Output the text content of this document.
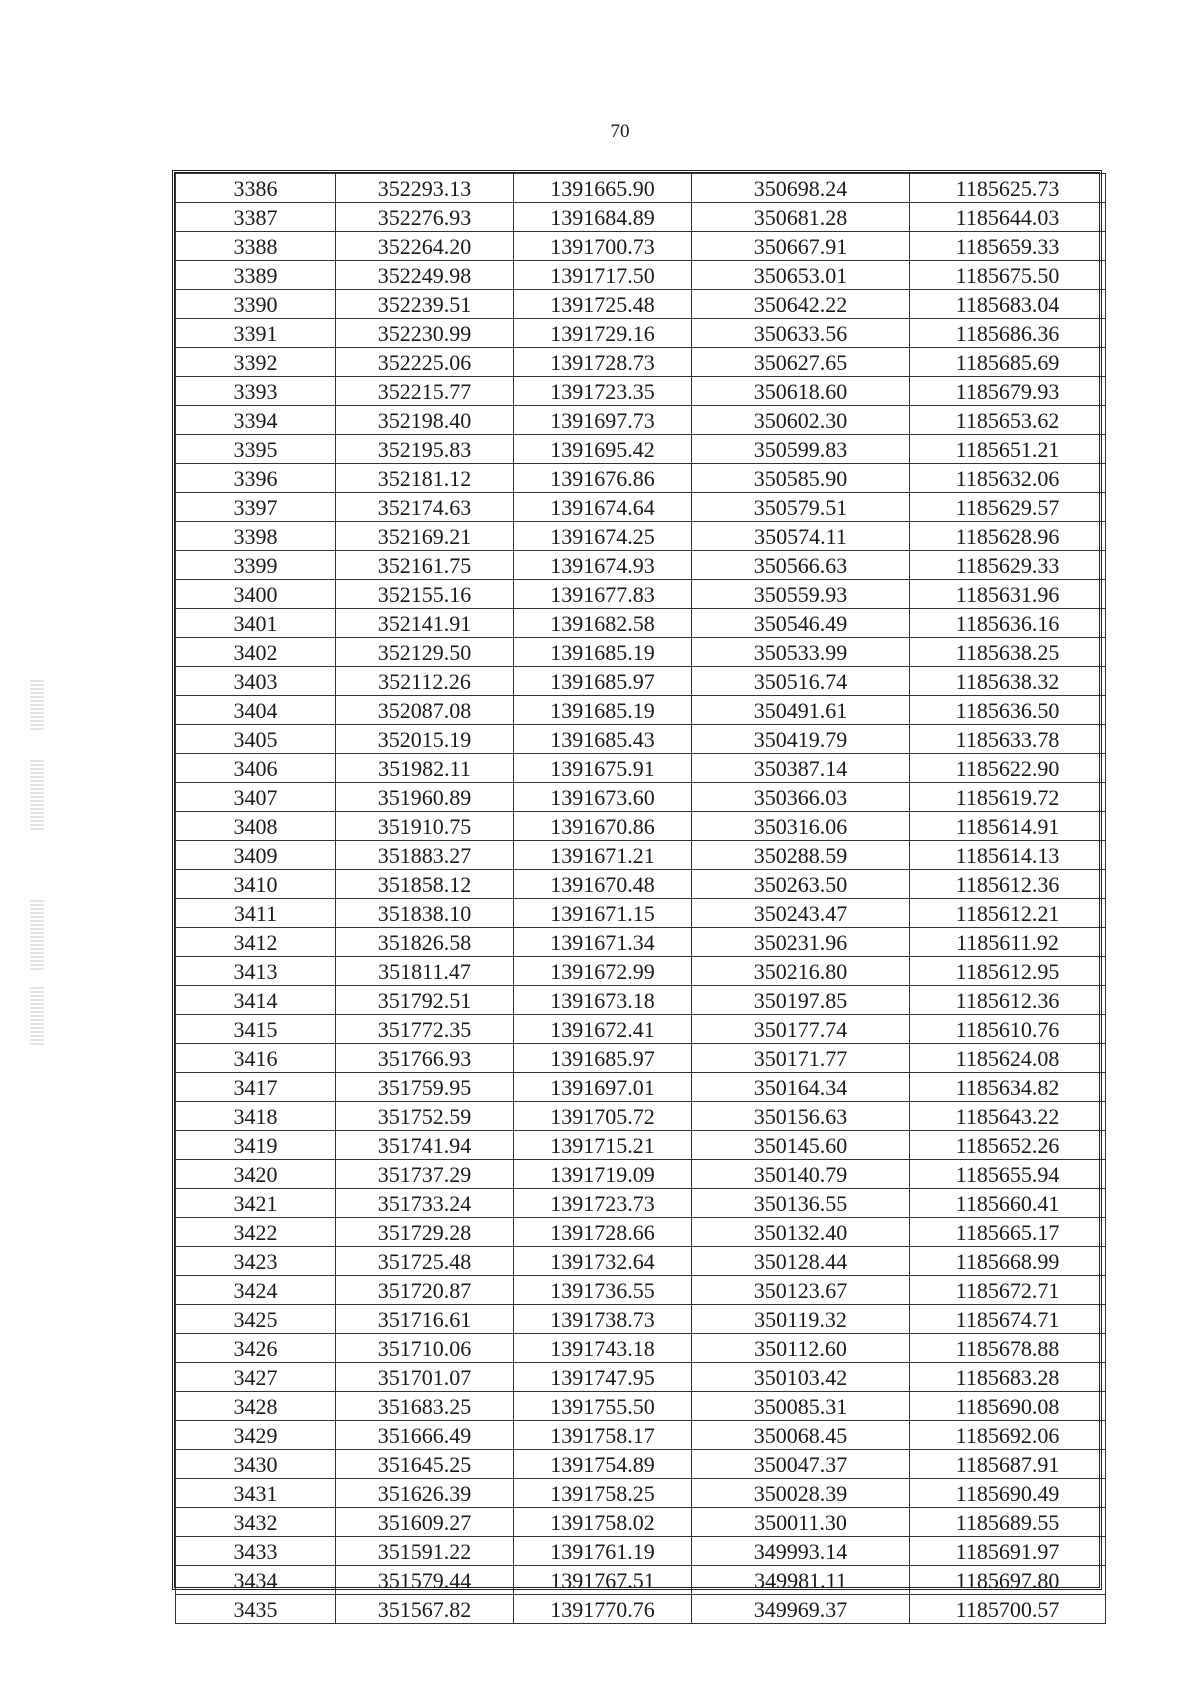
70
3386	352293.13	1391665.90	350698.24	1185625.73
3387	352276.93	1391684.89	350681.28	1185644.03
3388	352264.20	1391700.73	350667.91	1185659.33
3389	352249.98	1391717.50	350653.01	1185675.50
3390	352239.51	1391725.48	350642.22	1185683.04
3391	352230.99	1391729.16	350633.56	1185686.36
3392	352225.06	1391728.73	350627.65	1185685.69
3393	352215.77	1391723.35	350618.60	1185679.93
3394	352198.40	1391697.73	350602.30	1185653.62
3395	352195.83	1391695.42	350599.83	1185651.21
3396	352181.12	1391676.86	350585.90	1185632.06
3397	352174.63	1391674.64	350579.51	1185629.57
3398	352169.21	1391674.25	350574.11	1185628.96
3399	352161.75	1391674.93	350566.63	1185629.33
3400	352155.16	1391677.83	350559.93	1185631.96
3401	352141.91	1391682.58	350546.49	1185636.16
3402	352129.50	1391685.19	350533.99	1185638.25
3403	352112.26	1391685.97	350516.74	1185638.32
3404	352087.08	1391685.19	350491.61	1185636.50
3405	352015.19	1391685.43	350419.79	1185633.78
3406	351982.11	1391675.91	350387.14	1185622.90
3407	351960.89	1391673.60	350366.03	1185619.72
3408	351910.75	1391670.86	350316.06	1185614.91
3409	351883.27	1391671.21	350288.59	1185614.13
3410	351858.12	1391670.48	350263.50	1185612.36
3411	351838.10	1391671.15	350243.47	1185612.21
3412	351826.58	1391671.34	350231.96	1185611.92
3413	351811.47	1391672.99	350216.80	1185612.95
3414	351792.51	1391673.18	350197.85	1185612.36
3415	351772.35	1391672.41	350177.74	1185610.76
3416	351766.93	1391685.97	350171.77	1185624.08
3417	351759.95	1391697.01	350164.34	1185634.82
3418	351752.59	1391705.72	350156.63	1185643.22
3419	351741.94	1391715.21	350145.60	1185652.26
3420	351737.29	1391719.09	350140.79	1185655.94
3421	351733.24	1391723.73	350136.55	1185660.41
3422	351729.28	1391728.66	350132.40	1185665.17
3423	351725.48	1391732.64	350128.44	1185668.99
3424	351720.87	1391736.55	350123.67	1185672.71
3425	351716.61	1391738.73	350119.32	1185674.71
3426	351710.06	1391743.18	350112.60	1185678.88
3427	351701.07	1391747.95	350103.42	1185683.28
3428	351683.25	1391755.50	350085.31	1185690.08
3429	351666.49	1391758.17	350068.45	1185692.06
3430	351645.25	1391754.89	350047.37	1185687.91
3431	351626.39	1391758.25	350028.39	1185690.49
3432	351609.27	1391758.02	350011.30	1185689.55
3433	351591.22	1391761.19	349993.14	1185691.97
3434	351579.44	1391767.51	349981.11	1185697.80
3435	351567.82	1391770.76	349969.37	1185700.57
